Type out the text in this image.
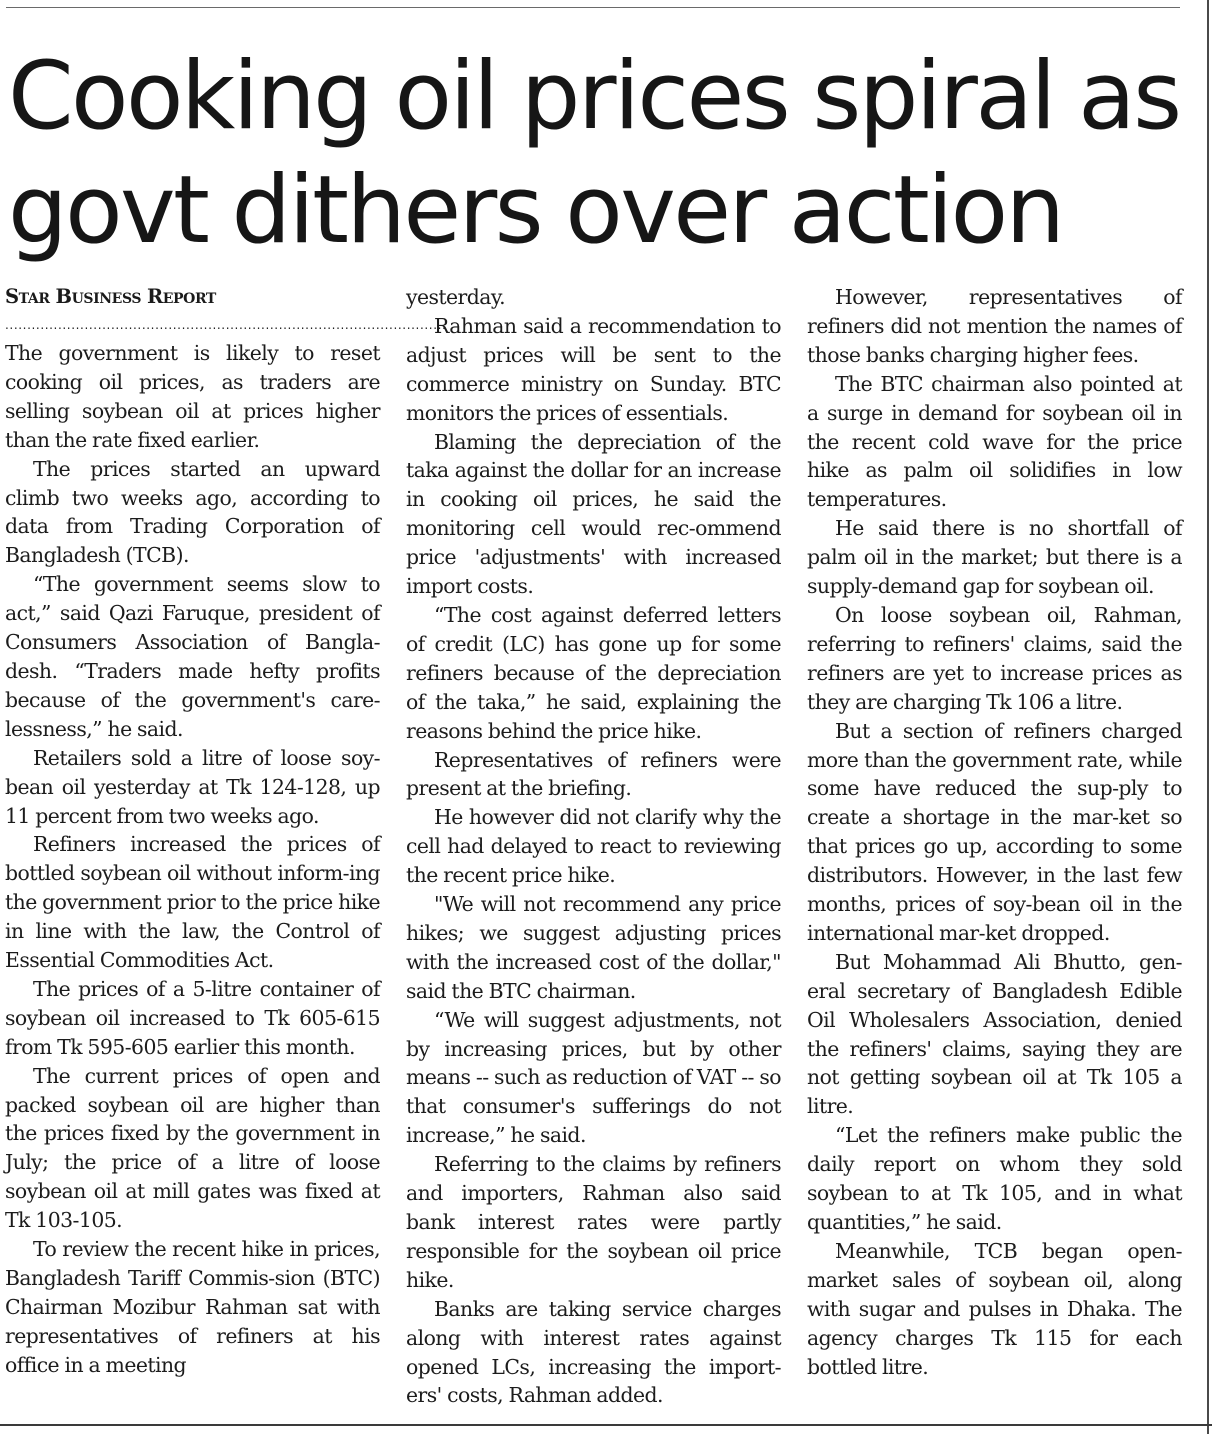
Cooking oil prices spiral as govt dithers over action
Star Business Report
....................................................................................................

The government is likely to reset cooking oil prices, as traders are selling soybean oil at prices higher than the rate fixed earlier.

The prices started an upward climb two weeks ago, according to data from Trading Corporation of Bangladesh (TCB).

“The government seems slow to act,” said Qazi Faruque, president of Consumers Association of Bangla-desh. “Traders made hefty profits because of the government's care-lessness,” he said.

Retailers sold a litre of loose soy-bean oil yesterday at Tk 124-128, up 11 percent from two weeks ago.

Refiners increased the prices of bottled soybean oil without inform-ing the government prior to the price hike in line with the law, the Control of Essential Commodities Act.

The prices of a 5-litre container of soybean oil increased to Tk 605-615 from Tk 595-605 earlier this month.

The current prices of open and packed soybean oil are higher than the prices fixed by the government in July; the price of a litre of loose soybean oil at mill gates was fixed at Tk 103-105.

To review the recent hike in prices, Bangladesh Tariff Commis-sion (BTC) Chairman Mozibur Rahman sat with representatives of refiners at his office in a meeting

yesterday.

Rahman said a recommendation to adjust prices will be sent to the commerce ministry on Sunday. BTC monitors the prices of essentials.

Blaming the depreciation of the taka against the dollar for an increase in cooking oil prices, he said the monitoring cell would rec-ommend price 'adjustments' with increased import costs.

“The cost against deferred letters of credit (LC) has gone up for some refiners because of the depreciation of the taka,” he said, explaining the reasons behind the price hike.

Representatives of refiners were present at the briefing.

He however did not clarify why the cell had delayed to react to reviewing the recent price hike.

"We will not recommend any price hikes; we suggest adjusting prices with the increased cost of the dollar," said the BTC chairman.

“We will suggest adjustments, not by increasing prices, but by other means -- such as reduction of VAT -- so that consumer's sufferings do not increase,” he said.

Referring to the claims by refiners and importers, Rahman also said bank interest rates were partly responsible for the soybean oil price hike.

Banks are taking service charges along with interest rates against opened LCs, increasing the import-ers' costs, Rahman added.

However, representatives of refiners did not mention the names of those banks charging higher fees.

The BTC chairman also pointed at a surge in demand for soybean oil in the recent cold wave for the price hike as palm oil solidifies in low temperatures.

He said there is no shortfall of palm oil in the market; but there is a supply-demand gap for soybean oil.

On loose soybean oil, Rahman, referring to refiners' claims, said the refiners are yet to increase prices as they are charging Tk 106 a litre.

But a section of refiners charged more than the government rate, while some have reduced the sup-ply to create a shortage in the mar-ket so that prices go up, according to some distributors. However, in the last few months, prices of soy-bean oil in the international mar-ket dropped.

But Mohammad Ali Bhutto, gen-eral secretary of Bangladesh Edible Oil Wholesalers Association, denied the refiners' claims, saying they are not getting soybean oil at Tk 105 a litre.

“Let the refiners make public the daily report on whom they sold soybean to at Tk 105, and in what quantities,” he said.

Meanwhile, TCB began open-market sales of soybean oil, along with sugar and pulses in Dhaka. The agency charges Tk 115 for each bottled litre.
